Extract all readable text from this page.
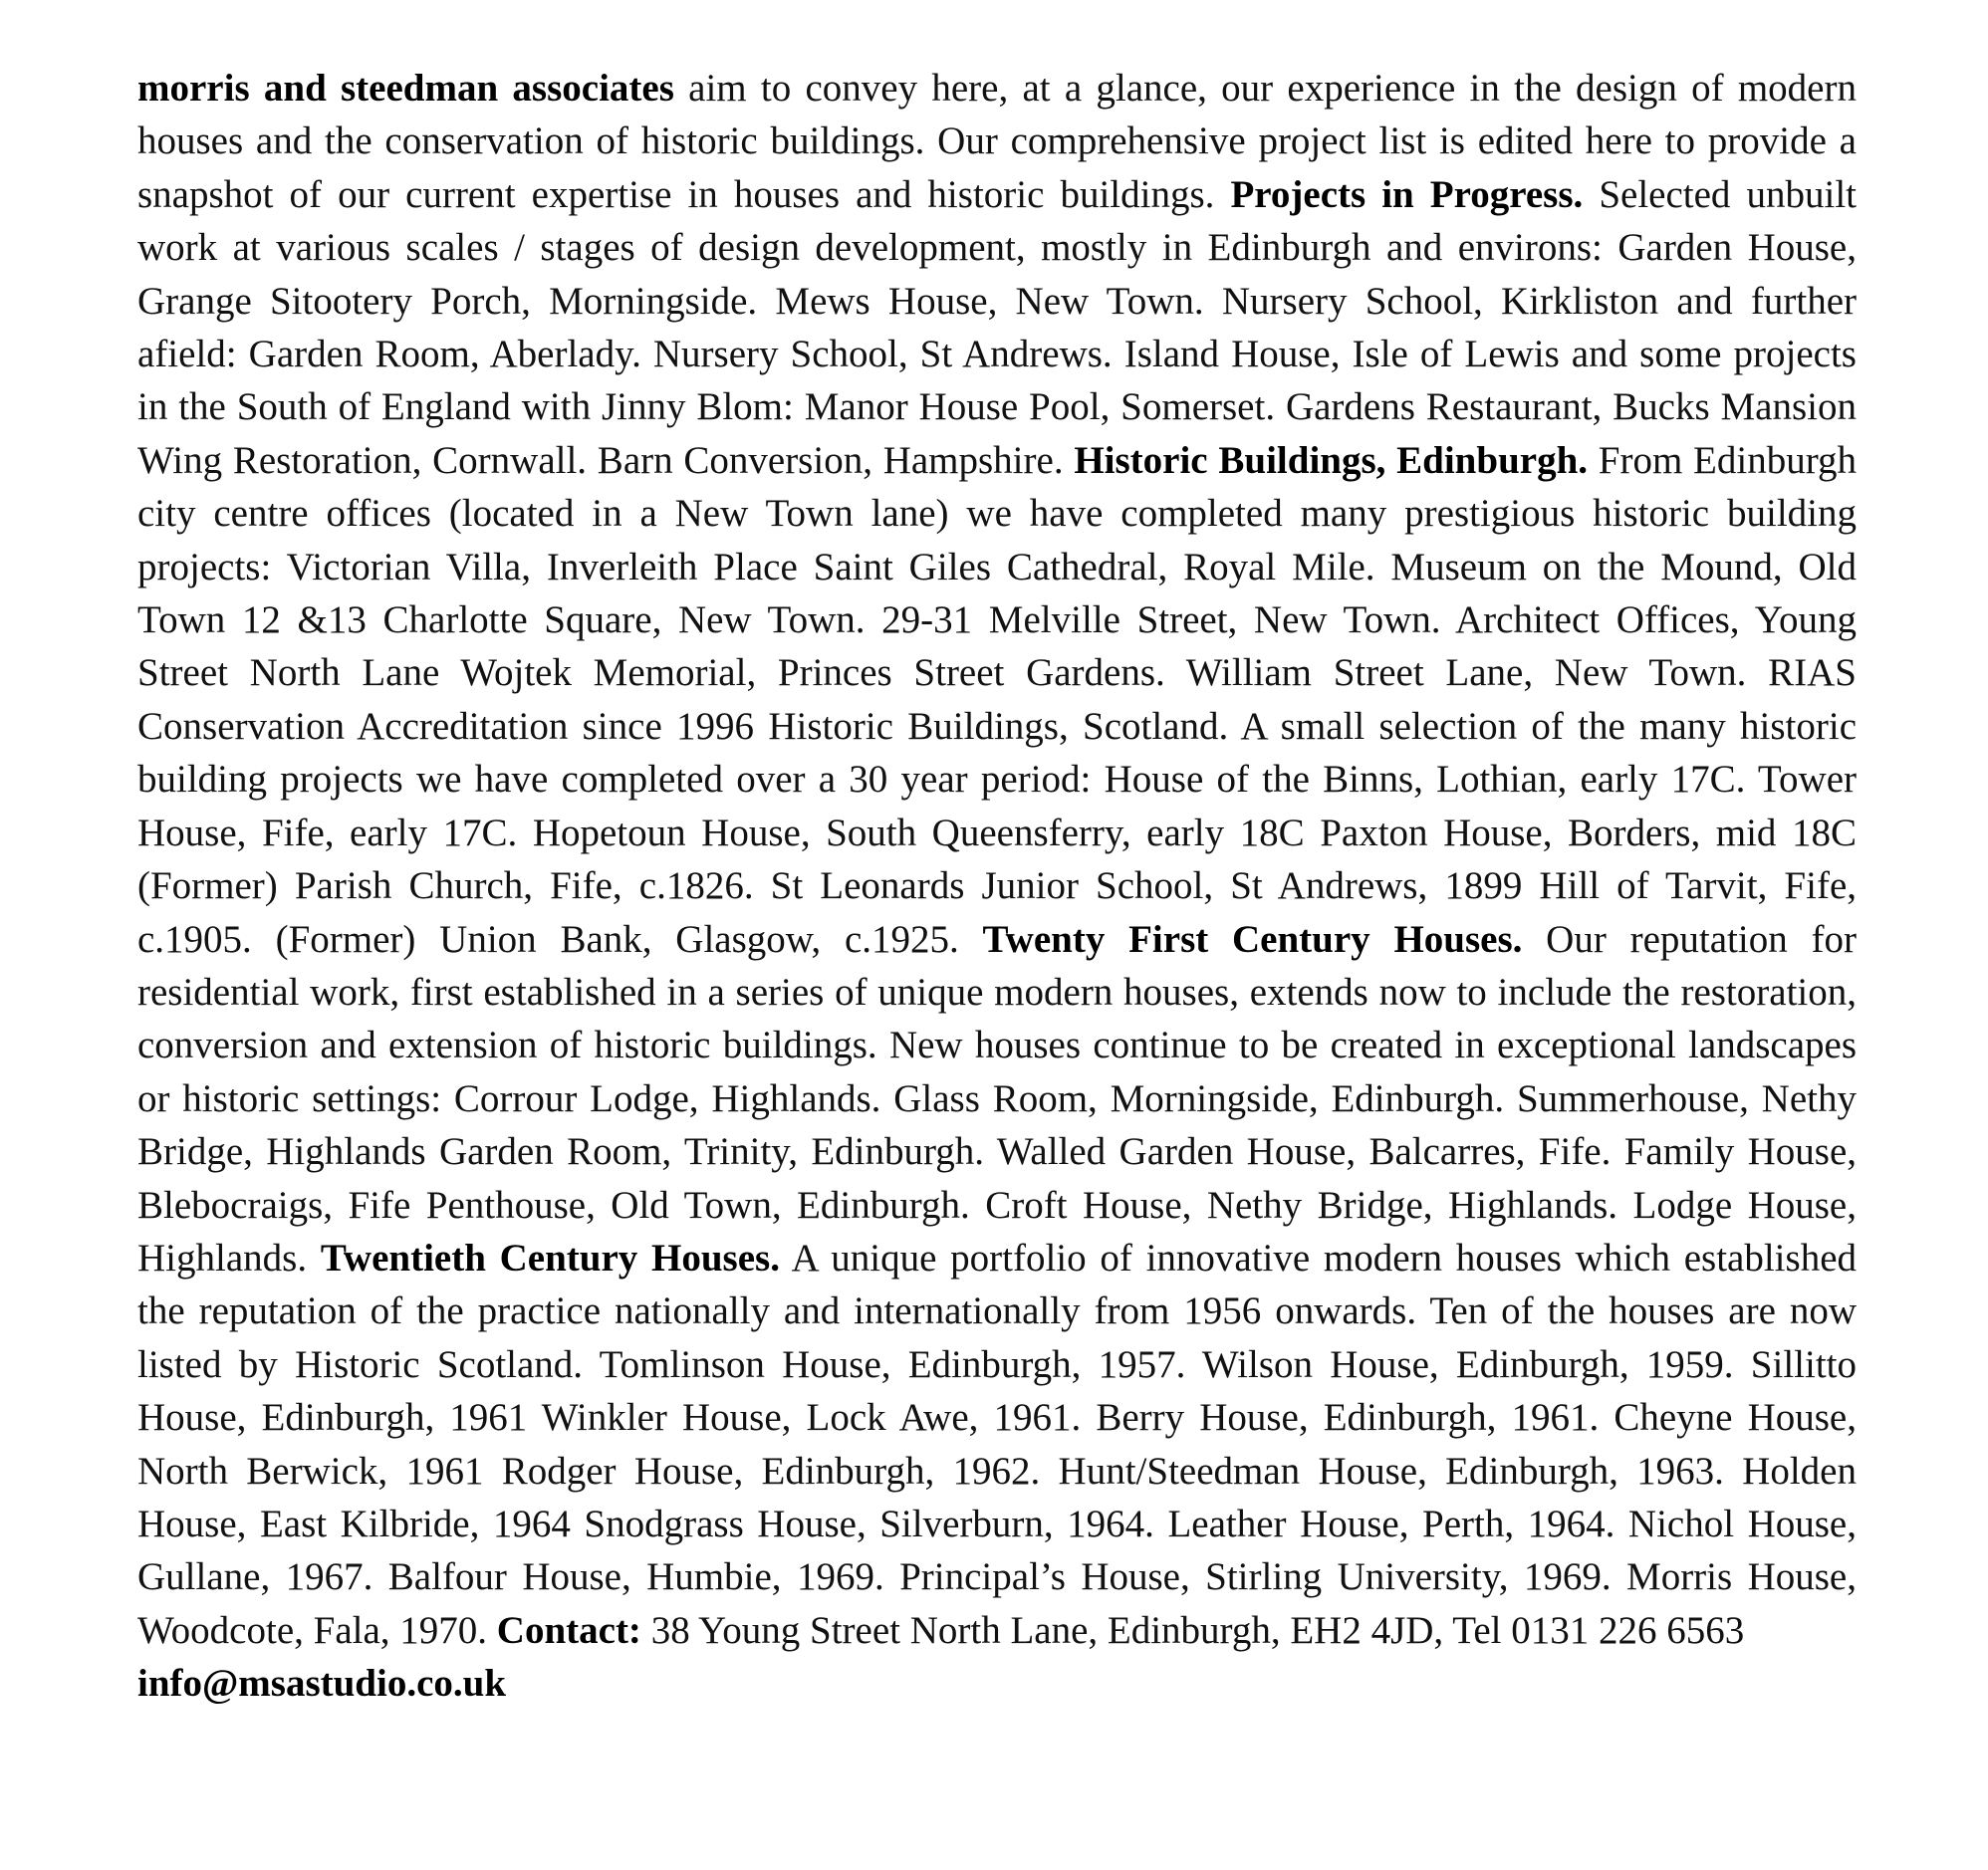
morris and steedman associates aim to convey here, at a glance, our experience in the design of modern houses and the conservation of historic buildings. Our comprehensive project list is edited here to provide a snapshot of our current expertise in houses and historic buildings. Projects in Progress. Selected unbuilt work at various scales / stages of design development, mostly in Edinburgh and environs: Garden House, Grange Sitootery Porch, Morningside. Mews House, New Town. Nursery School, Kirkliston and further afield: Garden Room, Aberlady. Nursery School, St Andrews. Island House, Isle of Lewis and some projects in the South of England with Jinny Blom: Manor House Pool, Somerset. Gardens Restaurant, Bucks Mansion Wing Restoration, Cornwall. Barn Conversion, Hampshire. Historic Buildings, Edinburgh. From Edinburgh city centre offices (located in a New Town lane) we have completed many prestigious historic building projects: Victorian Villa, Inverleith Place Saint Giles Cathedral, Royal Mile. Museum on the Mound, Old Town 12 &13 Charlotte Square, New Town. 29-31 Melville Street, New Town. Architect Offices, Young Street North Lane Wojtek Memorial, Princes Street Gardens. William Street Lane, New Town. RIAS Conservation Accreditation since 1996 Historic Buildings, Scotland. A small selection of the many historic building projects we have completed over a 30 year period: House of the Binns, Lothian, early 17C. Tower House, Fife, early 17C. Hopetoun House, South Queensferry, early 18C Paxton House, Borders, mid 18C (Former) Parish Church, Fife, c.1826. St Leonards Junior School, St Andrews, 1899 Hill of Tarvit, Fife, c.1905. (Former) Union Bank, Glasgow, c.1925. Twenty First Century Houses. Our reputation for residential work, first established in a series of unique modern houses, extends now to include the restoration, conversion and extension of historic buildings. New houses continue to be created in exceptional landscapes or historic settings: Corrour Lodge, Highlands. Glass Room, Morningside, Edinburgh. Summerhouse, Nethy Bridge, Highlands Garden Room, Trinity, Edinburgh. Walled Garden House, Balcarres, Fife. Family House, Blebocraigs, Fife Penthouse, Old Town, Edinburgh. Croft House, Nethy Bridge, Highlands. Lodge House, Highlands. Twentieth Century Houses. A unique portfolio of innovative modern houses which established the reputation of the practice nationally and internationally from 1956 onwards. Ten of the houses are now listed by Historic Scotland. Tomlinson House, Edinburgh, 1957. Wilson House, Edinburgh, 1959. Sillitto House, Edinburgh, 1961 Winkler House, Lock Awe, 1961. Berry House, Edinburgh, 1961. Cheyne House, North Berwick, 1961 Rodger House, Edinburgh, 1962. Hunt/Steedman House, Edinburgh, 1963. Holden House, East Kilbride, 1964 Snodgrass House, Silverburn, 1964. Leather House, Perth, 1964. Nichol House, Gullane, 1967. Balfour House, Humbie, 1969. Principal’s House, Stirling University, 1969. Morris House, Woodcote, Fala, 1970. Contact: 38 Young Street North Lane, Edinburgh, EH2 4JD, Tel 0131 226 6563
info@msastudio.co.uk
